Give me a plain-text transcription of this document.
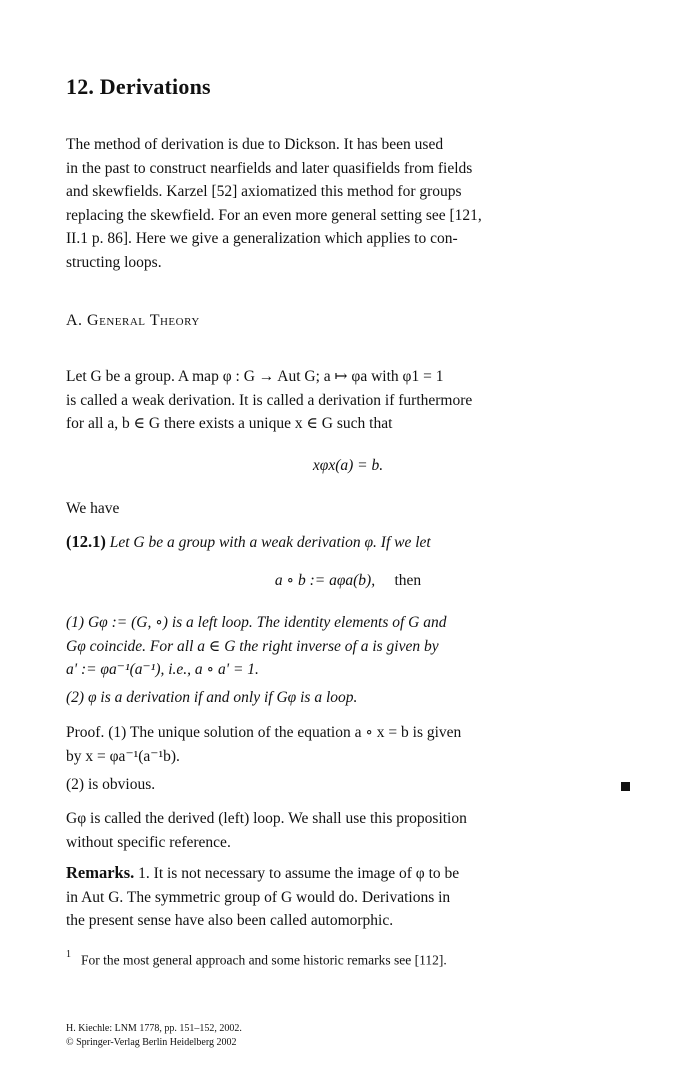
12. Derivations
The method of derivation is due to Dickson. It has been used
in the past to construct nearfields and later quasifields from fields
and skewfields. Karzel [52] axiomatized this method for groups
replacing the skewfield. For an even more general setting see [121,
II.1 p. 86]. Here we give a generalization which applies to con-
structing loops.
A. General Theory
Let G be a group. A map φ : G → Aut G; a ↦ φa with φ1 = 1
is called a weak derivation. It is called a derivation if furthermore
for all a, b ∈ G there exists a unique x ∈ G such that
xφx(a) = b.
We have
(12.1) Let G be a group with a weak derivation φ. If we let
a ∘ b := aφa(b), then
(1) Gφ := (G, ∘) is a left loop. The identity elements of G and
Gφ coincide. For all a ∈ G the right inverse of a is given by
a' := φa⁻¹(a⁻¹), i.e., a ∘ a' = 1.
(2) φ is a derivation if and only if Gφ is a loop.
Proof. (1) The unique solution of the equation a ∘ x = b is given
by x = φa⁻¹(a⁻¹b).
(2) is obvious.
Gφ is called the derived (left) loop. We shall use this proposition
without specific reference.
Remarks. 1. It is not necessary to assume the image of φ to be
in Aut G. The symmetric group of G would do. Derivations in
the present sense have also been called automorphic.
$^1$ For the most general approach and some historic remarks see [112].
H. Kiechle: LNM 1778, pp. 151–152, 2002.
© Springer-Verlag Berlin Heidelberg 2002
